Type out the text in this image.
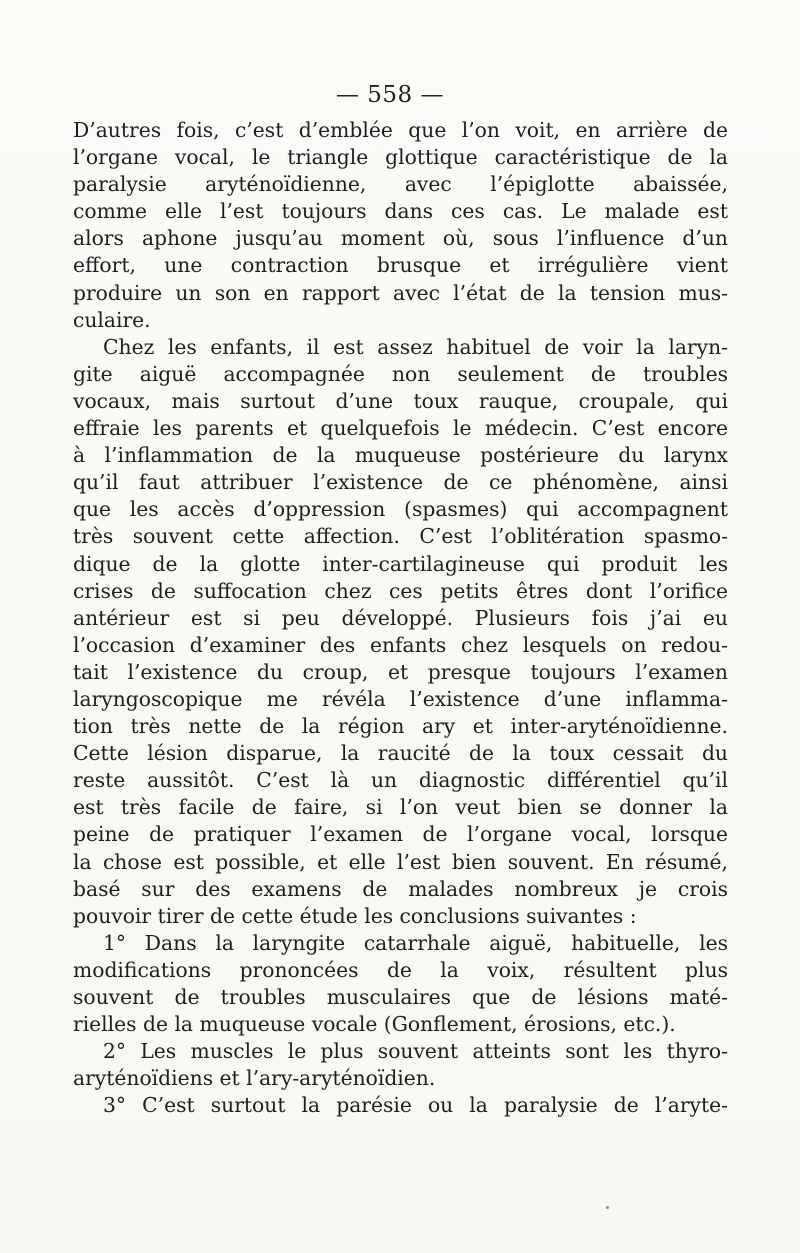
— 558 —
D’autres fois, c’est d’emblée que l’on voit, en arrière de
l’organe vocal, le triangle glottique caractéristique de la
paralysie aryténoïdienne, avec l’épiglotte abaissée,
comme elle l’est toujours dans ces cas. Le malade est
alors aphone jusqu’au moment où, sous l’influence d’un
effort, une contraction brusque et irrégulière vient
produire un son en rapport avec l’état de la tension mus-
culaire.
Chez les enfants, il est assez habituel de voir la laryn-
gite aiguë accompagnée non seulement de troubles
vocaux, mais surtout d’une toux rauque, croupale, qui
effraie les parents et quelquefois le médecin. C’est encore
à l’inflammation de la muqueuse postérieure du larynx
qu’il faut attribuer l’existence de ce phénomène, ainsi
que les accès d’oppression (spasmes) qui accompagnent
très souvent cette affection. C’est l’oblitération spasmo-
dique de la glotte inter-cartilagineuse qui produit les
crises de suffocation chez ces petits êtres dont l’orifice
antérieur est si peu développé. Plusieurs fois j’ai eu
l’occasion d’examiner des enfants chez lesquels on redou-
tait l’existence du croup, et presque toujours l’examen
laryngoscopique me révéla l’existence d’une inflamma-
tion très nette de la région ary et inter-aryténoïdienne.
Cette lésion disparue, la raucité de la toux cessait du
reste aussitôt. C’est là un diagnostic différentiel qu’il
est très facile de faire, si l’on veut bien se donner la
peine de pratiquer l’examen de l’organe vocal, lorsque
la chose est possible, et elle l’est bien souvent. En résumé,
basé sur des examens de malades nombreux je crois
pouvoir tirer de cette étude les conclusions suivantes :
1° Dans la laryngite catarrhale aiguë, habituelle, les
modifications prononcées de la voix, résultent plus
souvent de troubles musculaires que de lésions maté-
rielles de la muqueuse vocale (Gonflement, érosions, etc.).
2° Les muscles le plus souvent atteints sont les thyro-
aryténoïdiens et l’ary-aryténoïdien.
3° C’est surtout la parésie ou la paralysie de l’aryte-
